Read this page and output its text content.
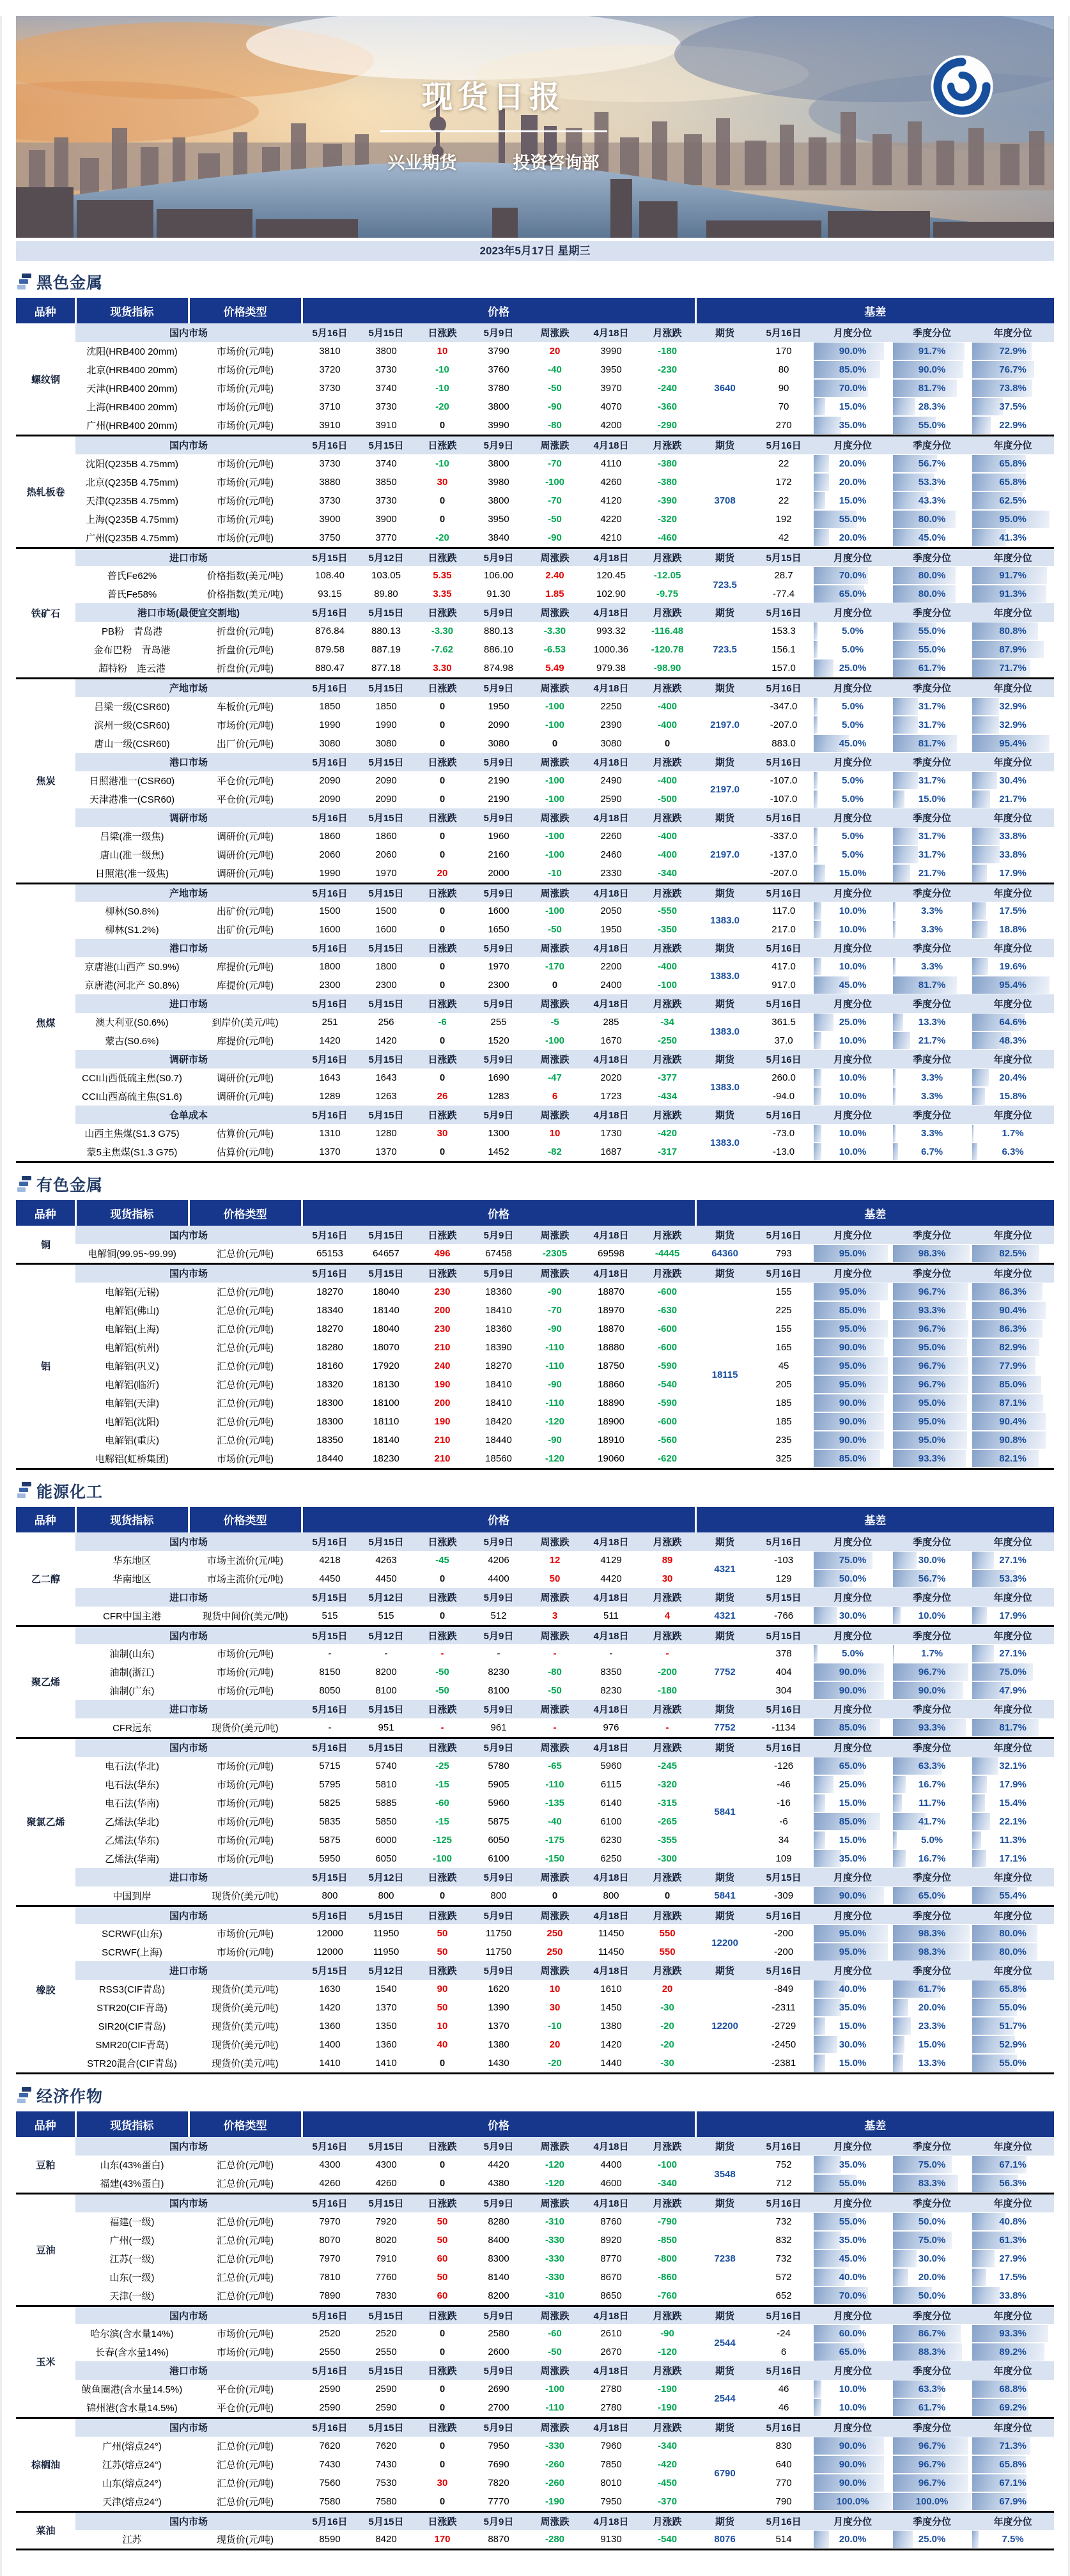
现货日报
兴业期货	投资咨询部
2023年5月17日 星期三
黑色金属
品种	现货指标	价格类型	价格							基差				
螺纹钢	国内市场		5月16日	5月15日	日涨跌	5月9日	周涨跌	4月18日	月涨跌	期货	5月16日	月度分位	季度分位	年度分位
	沈阳(HRB400 20mm)	市场价(元/吨)	3810	3800	10	3790	20	3990	-180	3640	170	90.0%	91.7%	72.9%

	北京(HRB400 20mm)	市场价(元/吨)	3720	3730	-10	3760	-40	3950	-230		80	85.0%	90.0%	76.7%

	天津(HRB400 20mm)	市场价(元/吨)	3730	3740	-10	3780	-50	3970	-240		90	70.0%	81.7%	73.8%

	上海(HRB400 20mm)	市场价(元/吨)	3710	3730	-20	3800	-90	4070	-360		70	15.0%	28.3%	37.5%

	广州(HRB400 20mm)	市场价(元/吨)	3910	3910	0	3990	-80	4200	-290		270	35.0%	55.0%	22.9%

热轧板卷	国内市场		5月16日	5月15日	日涨跌	5月9日	周涨跌	4月18日	月涨跌	期货	5月16日	月度分位	季度分位	年度分位
	沈阳(Q235B 4.75mm)	市场价(元/吨)	3730	3740	-10	3800	-70	4110	-380	3708	22	20.0%	56.7%	65.8%

	北京(Q235B 4.75mm)	市场价(元/吨)	3880	3850	30	3980	-100	4260	-380		172	20.0%	53.3%	65.8%

	天津(Q235B 4.75mm)	市场价(元/吨)	3730	3730	0	3800	-70	4120	-390		22	15.0%	43.3%	62.5%

	上海(Q235B 4.75mm)	市场价(元/吨)	3900	3900	0	3950	-50	4220	-320		192	55.0%	80.0%	95.0%

	广州(Q235B 4.75mm)	市场价(元/吨)	3750	3770	-20	3840	-90	4210	-460		42	20.0%	45.0%	41.3%

铁矿石	进口市场		5月15日	5月12日	日涨跌	5月9日	周涨跌	4月18日	月涨跌	期货	5月15日	月度分位	季度分位	年度分位
	普氏Fe62%	价格指数(美元/吨)	108.40	103.05	5.35	106.00	2.40	120.45	-12.05	723.5	28.7	70.0%	80.0%	91.7%

	普氏Fe58%	价格指数(美元/吨)	93.15	89.80	3.35	91.30	1.85	102.90	-9.75		-77.4	65.0%	80.0%	91.3%

	港口市场(最便宜交割地)		5月16日	5月15日	日涨跌	5月9日	周涨跌	4月18日	月涨跌	期货	5月16日	月度分位	季度分位	年度分位
	PB粉　青岛港	折盘价(元/吨)	876.84	880.13	-3.30	880.13	-3.30	993.32	-116.48	723.5	153.3	5.0%	55.0%	80.8%

	金布巴粉　青岛港	折盘价(元/吨)	879.58	887.19	-7.62	886.10	-6.53	1000.36	-120.78		156.1	5.0%	55.0%	87.9%

	超特粉　连云港	折盘价(元/吨)	880.47	877.18	3.30	874.98	5.49	979.38	-98.90		157.0	25.0%	61.7%	71.7%

焦炭	产地市场		5月16日	5月15日	日涨跌	5月9日	周涨跌	4月18日	月涨跌	期货	5月16日	月度分位	季度分位	年度分位
	吕梁一级(CSR60)	车板价(元/吨)	1850	1850	0	1950	-100	2250	-400	2197.0	-347.0	5.0%	31.7%	32.9%

	滨州一级(CSR60)	市场价(元/吨)	1990	1990	0	2090	-100	2390	-400		-207.0	5.0%	31.7%	32.9%

	唐山一级(CSR60)	出厂价(元/吨)	3080	3080	0	3080	0	3080	0		883.0	45.0%	81.7%	95.4%

	港口市场		5月16日	5月15日	日涨跌	5月9日	周涨跌	4月18日	月涨跌	期货	5月16日	月度分位	季度分位	年度分位
	日照港准一(CSR60)	平仓价(元/吨)	2090	2090	0	2190	-100	2490	-400	2197.0	-107.0	5.0%	31.7%	30.4%

	天津港准一(CSR60)	平仓价(元/吨)	2090	2090	0	2190	-100	2590	-500		-107.0	5.0%	15.0%	21.7%

	调研市场		5月16日	5月15日	日涨跌	5月9日	周涨跌	4月18日	月涨跌	期货	5月16日	月度分位	季度分位	年度分位
	吕梁(准一级焦)	调研价(元/吨)	1860	1860	0	1960	-100	2260	-400	2197.0	-337.0	5.0%	31.7%	33.8%

	唐山(准一级焦)	调研价(元/吨)	2060	2060	0	2160	-100	2460	-400		-137.0	5.0%	31.7%	33.8%

	日照港(准一级焦)	调研价(元/吨)	1990	1970	20	2000	-10	2330	-340		-207.0	15.0%	21.7%	17.9%

焦煤	产地市场		5月16日	5月15日	日涨跌	5月9日	周涨跌	4月18日	月涨跌	期货	5月16日	月度分位	季度分位	年度分位
	柳林(S0.8%)	出矿价(元/吨)	1500	1500	0	1600	-100	2050	-550	1383.0	117.0	10.0%	3.3%	17.5%

	柳林(S1.2%)	出矿价(元/吨)	1600	1600	0	1650	-50	1950	-350		217.0	10.0%	3.3%	18.8%

	港口市场		5月16日	5月15日	日涨跌	5月9日	周涨跌	4月18日	月涨跌	期货	5月16日	月度分位	季度分位	年度分位
	京唐港(山西产 S0.9%)	库提价(元/吨)	1800	1800	0	1970	-170	2200	-400	1383.0	417.0	10.0%	3.3%	19.6%

	京唐港(河北产 S0.8%)	库提价(元/吨)	2300	2300	0	2300	0	2400	-100		917.0	45.0%	81.7%	95.4%

	进口市场		5月16日	5月15日	日涨跌	5月9日	周涨跌	4月18日	月涨跌	期货	5月16日	月度分位	季度分位	年度分位
	澳大利亚(S0.6%)	到岸价(美元/吨)	251	256	-6	255	-5	285	-34	1383.0	361.5	25.0%	13.3%	64.6%

	蒙古(S0.6%)	库提价(元/吨)	1420	1420	0	1520	-100	1670	-250		37.0	10.0%	21.7%	48.3%

	调研市场		5月16日	5月15日	日涨跌	5月9日	周涨跌	4月18日	月涨跌	期货	5月16日	月度分位	季度分位	年度分位
	CCI山西低硫主焦(S0.7)	调研价(元/吨)	1643	1643	0	1690	-47	2020	-377	1383.0	260.0	10.0%	3.3%	20.4%

	CCI山西高硫主焦(S1.6)	调研价(元/吨)	1289	1263	26	1283	6	1723	-434		-94.0	10.0%	3.3%	15.8%

	仓单成本		5月16日	5月15日	日涨跌	5月9日	周涨跌	4月18日	月涨跌	期货	5月16日	月度分位	季度分位	年度分位
	山西主焦煤(S1.3 G75)	估算价(元/吨)	1310	1280	30	1300	10	1730	-420	1383.0	-73.0	10.0%	3.3%	1.7%

	蒙5主焦煤(S1.3 G75)	估算价(元/吨)	1370	1370	0	1452	-82	1687	-317		-13.0	10.0%	6.7%	6.3%
有色金属
品种	现货指标	价格类型	价格							基差				
铜	国内市场		5月16日	5月15日	日涨跌	5月9日	周涨跌	4月18日	月涨跌	期货	5月16日	月度分位	季度分位	年度分位
	电解铜(99.95~99.99)	汇总价(元/吨)	65153	64657	496	67458	-2305	69598	-4445	64360	793	95.0%	98.3%	82.5%

铝	国内市场		5月16日	5月15日	日涨跌	5月9日	周涨跌	4月18日	月涨跌	期货	5月16日	月度分位	季度分位	年度分位
	电解铝(无锡)	汇总价(元/吨)	18270	18040	230	18360	-90	18870	-600	18115	155	95.0%	96.7%	86.3%

	电解铝(佛山)	汇总价(元/吨)	18340	18140	200	18410	-70	18970	-630		225	85.0%	93.3%	90.4%

	电解铝(上海)	汇总价(元/吨)	18270	18040	230	18360	-90	18870	-600		155	95.0%	96.7%	86.3%

	电解铝(杭州)	汇总价(元/吨)	18280	18070	210	18390	-110	18880	-600		165	90.0%	95.0%	82.9%

	电解铝(巩义)	汇总价(元/吨)	18160	17920	240	18270	-110	18750	-590		45	95.0%	96.7%	77.9%

	电解铝(临沂)	汇总价(元/吨)	18320	18130	190	18410	-90	18860	-540		205	95.0%	96.7%	85.0%

	电解铝(天津)	汇总价(元/吨)	18300	18100	200	18410	-110	18890	-590		185	90.0%	95.0%	87.1%

	电解铝(沈阳)	汇总价(元/吨)	18300	18110	190	18420	-120	18900	-600		185	90.0%	95.0%	90.4%

	电解铝(重庆)	汇总价(元/吨)	18350	18140	210	18440	-90	18910	-560		235	90.0%	95.0%	90.8%

	电解铝(虹桥集团)	市场价(元/吨)	18440	18230	210	18560	-120	19060	-620		325	85.0%	93.3%	82.1%
能源化工
品种	现货指标	价格类型	价格							基差				
乙二醇	国内市场		5月16日	5月15日	日涨跌	5月9日	周涨跌	4月18日	月涨跌	期货	5月16日	月度分位	季度分位	年度分位
	华东地区	市场主流价(元/吨)	4218	4263	-45	4206	12	4129	89	4321	-103	75.0%	30.0%	27.1%

	华南地区	市场主流价(元/吨)	4450	4450	0	4400	50	4420	30		129	50.0%	56.7%	53.3%

	进口市场		5月15日	5月12日	日涨跌	5月9日	周涨跌	4月18日	月涨跌	期货	5月15日	月度分位	季度分位	年度分位
	CFR中国主港	现货中间价(美元/吨)	515	515	0	512	3	511	4	4321	-766	30.0%	10.0%	17.9%

聚乙烯	国内市场		5月15日	5月12日	日涨跌	5月9日	周涨跌	4月18日	月涨跌	期货	5月15日	月度分位	季度分位	年度分位
	油制(山东)	市场价(元/吨)	-	-	-	-	-	-	-	7752	378	5.0%	1.7%	27.1%

	油制(浙江)	市场价(元/吨)	8150	8200	-50	8230	-80	8350	-200		404	90.0%	96.7%	75.0%

	油制(广东)	市场价(元/吨)	8050	8100	-50	8100	-50	8230	-180		304	90.0%	90.0%	47.9%

	进口市场		5月16日	5月15日	日涨跌	5月9日	周涨跌	4月18日	月涨跌	期货	5月16日	月度分位	季度分位	年度分位
	CFR远东	现货价(美元/吨)	-	951	-	961	-	976	-	7752	-1134	85.0%	93.3%	81.7%

聚氯乙烯	国内市场		5月16日	5月15日	日涨跌	5月9日	周涨跌	4月18日	月涨跌	期货	5月16日	月度分位	季度分位	年度分位
	电石法(华北)	市场价(元/吨)	5715	5740	-25	5780	-65	5960	-245	5841	-126	65.0%	63.3%	32.1%

	电石法(华东)	市场价(元/吨)	5795	5810	-15	5905	-110	6115	-320		-46	25.0%	16.7%	17.9%

	电石法(华南)	市场价(元/吨)	5825	5885	-60	5960	-135	6140	-315		-16	15.0%	11.7%	15.4%

	乙烯法(华北)	市场价(元/吨)	5835	5850	-15	5875	-40	6100	-265		-6	85.0%	41.7%	22.1%

	乙烯法(华东)	市场价(元/吨)	5875	6000	-125	6050	-175	6230	-355		34	15.0%	5.0%	11.3%

	乙烯法(华南)	市场价(元/吨)	5950	6050	-100	6100	-150	6250	-300		109	35.0%	16.7%	17.1%

	进口市场		5月15日	5月12日	日涨跌	5月9日	周涨跌	4月18日	月涨跌	期货	5月15日	月度分位	季度分位	年度分位
	中国到岸	现货价(美元/吨)	800	800	0	800	0	800	0	5841	-309	90.0%	65.0%	55.4%

橡胶	国内市场		5月16日	5月15日	日涨跌	5月9日	周涨跌	4月18日	月涨跌	期货	5月16日	月度分位	季度分位	年度分位
	SCRWF(山东)	市场价(元/吨)	12000	11950	50	11750	250	11450	550	12200	-200	95.0%	98.3%	80.0%

	SCRWF(上海)	市场价(元/吨)	12000	11950	50	11750	250	11450	550		-200	95.0%	98.3%	80.0%

	进口市场		5月15日	5月12日	日涨跌	5月9日	周涨跌	4月18日	月涨跌	期货	5月16日	月度分位	季度分位	年度分位
	RSS3(CIF青岛)	现货价(美元/吨)	1630	1540	90	1620	10	1610	20	12200	-849	40.0%	61.7%	65.8%

	STR20(CIF青岛)	现货价(美元/吨)	1420	1370	50	1390	30	1450	-30		-2311	35.0%	20.0%	55.0%

	SIR20(CIF青岛)	现货价(美元/吨)	1360	1350	10	1370	-10	1380	-20		-2729	15.0%	23.3%	51.7%

	SMR20(CIF青岛)	现货价(美元/吨)	1400	1360	40	1380	20	1420	-20		-2450	30.0%	15.0%	52.9%

	STR20混合(CIF青岛)	现货价(美元/吨)	1410	1410	0	1430	-20	1440	-30		-2381	15.0%	13.3%	55.0%
经济作物
品种	现货指标	价格类型	价格							基差				
豆粕	国内市场		5月16日	5月15日	日涨跌	5月9日	周涨跌	4月18日	月涨跌	期货	5月16日	月度分位	季度分位	年度分位
	山东(43%蛋白)	汇总价(元/吨)	4300	4300	0	4420	-120	4400	-100	3548	752	35.0%	75.0%	67.1%

	福建(43%蛋白)	汇总价(元/吨)	4260	4260	0	4380	-120	4600	-340		712	55.0%	83.3%	56.3%

豆油	国内市场		5月16日	5月15日	日涨跌	5月9日	周涨跌	4月18日	月涨跌	期货	5月16日	月度分位	季度分位	年度分位
	福建(一级)	汇总价(元/吨)	7970	7920	50	8280	-310	8760	-790	7238	732	55.0%	50.0%	40.8%

	广州(一级)	汇总价(元/吨)	8070	8020	50	8400	-330	8920	-850		832	35.0%	75.0%	61.3%

	江苏(一级)	汇总价(元/吨)	7970	7910	60	8300	-330	8770	-800		732	45.0%	30.0%	27.9%

	山东(一级)	汇总价(元/吨)	7810	7760	50	8140	-330	8670	-860		572	40.0%	20.0%	17.5%

	天津(一级)	汇总价(元/吨)	7890	7830	60	8200	-310	8650	-760		652	70.0%	50.0%	33.8%

玉米	国内市场		5月16日	5月15日	日涨跌	5月9日	周涨跌	4月18日	月涨跌	期货	5月16日	月度分位	季度分位	年度分位
	哈尔滨(含水量14%)	市场价(元/吨)	2520	2520	0	2580	-60	2610	-90	2544	-24	60.0%	86.7%	93.3%

	长春(含水量14%)	市场价(元/吨)	2550	2550	0	2600	-50	2670	-120		6	65.0%	88.3%	89.2%

	港口市场		5月16日	5月15日	日涨跌	5月9日	周涨跌	4月18日	月涨跌	期货	5月16日	月度分位	季度分位	年度分位
	鲅鱼圈港(含水量14.5%)	平仓价(元/吨)	2590	2590	0	2690	-100	2780	-190	2544	46	10.0%	63.3%	68.8%

	锦州港(含水量14.5%)	平仓价(元/吨)	2590	2590	0	2700	-110	2780	-190		46	10.0%	61.7%	69.2%

棕榈油	国内市场		5月16日	5月15日	日涨跌	5月9日	周涨跌	4月18日	月涨跌	期货	5月16日	月度分位	季度分位	年度分位
	广州(熔点24°)	汇总价(元/吨)	7620	7620	0	7950	-330	7960	-340	6790	830	90.0%	96.7%	71.3%

	江苏(熔点24°)	汇总价(元/吨)	7430	7430	0	7690	-260	7850	-420		640	90.0%	96.7%	65.8%

	山东(熔点24°)	汇总价(元/吨)	7560	7530	30	7820	-260	8010	-450		770	90.0%	96.7%	67.1%

	天津(熔点24°)	汇总价(元/吨)	7580	7580	0	7770	-190	7950	-370		790	100.0%	100.0%	67.9%

菜油	国内市场		5月16日	5月15日	日涨跌	5月9日	周涨跌	4月18日	月涨跌	期货	5月16日	月度分位	季度分位	年度分位
	江苏	现货价(元/吨)	8590	8420	170	8870	-280	9130	-540	8076	514	20.0%	25.0%	7.5%
